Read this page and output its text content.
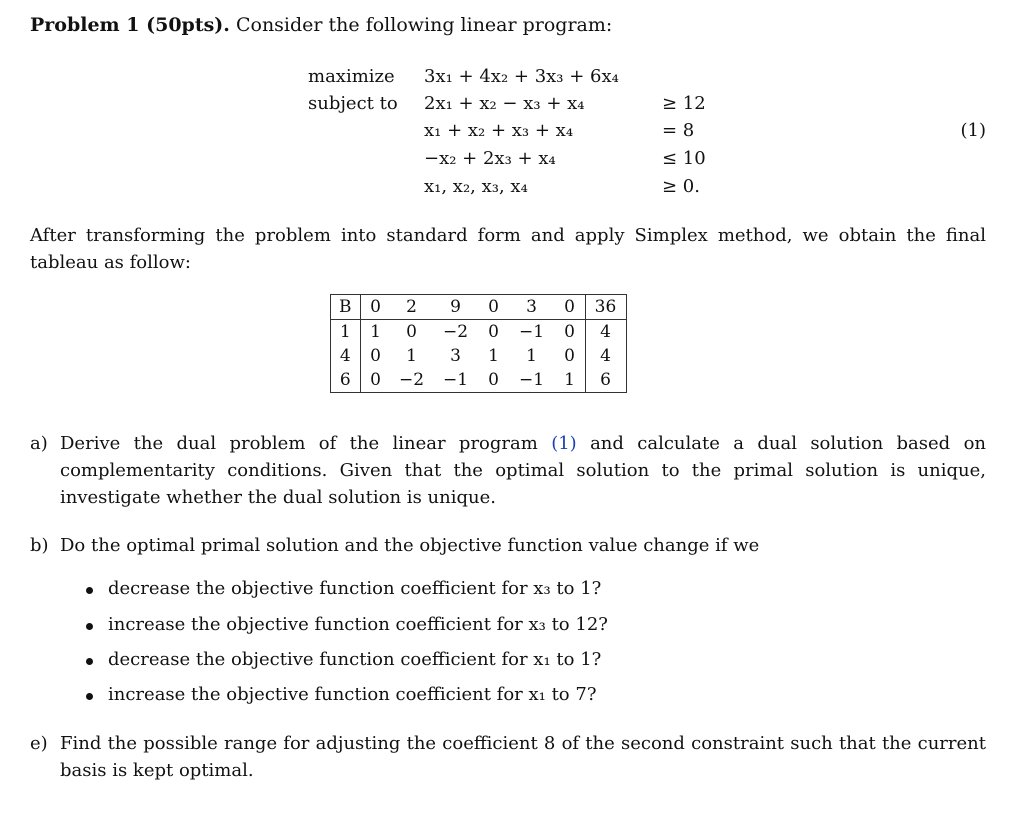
Problem 1 (50pts). Consider the following linear program:
maximize
subject to
3x₁ + 4x₂ + 3x₃ + 6x₄
2x₁ + x₂ − x₃ + x₄	≥ 12
x₁ + x₂ + x₃ + x₄	= 8
−x₂ + 2x₃ + x₄	≤ 10
x₁, x₂, x₃, x₄	≥ 0.
(1)
After transforming the problem into standard form and apply Simplex method, we obtain the final tableau as follow:
B	0	2	9	0	3	0	36
1	1	0	−2	0	−1	0	4
4	0	1	3	1	1	0	4
6	0	−2	−1	0	−1	1	6
a) Derive the dual problem of the linear program (1) and calculate a dual solution based on complementarity conditions. Given that the optimal solution to the primal solution is unique, investigate whether the dual solution is unique.
b) Do the optimal primal solution and the objective function value change if we
decrease the objective function coefficient for x₃ to 1?
increase the objective function coefficient for x₃ to 12?
decrease the objective function coefficient for x₁ to 1?
increase the objective function coefficient for x₁ to 7?
e) Find the possible range for adjusting the coefficient 8 of the second constraint such that the current basis is kept optimal.
